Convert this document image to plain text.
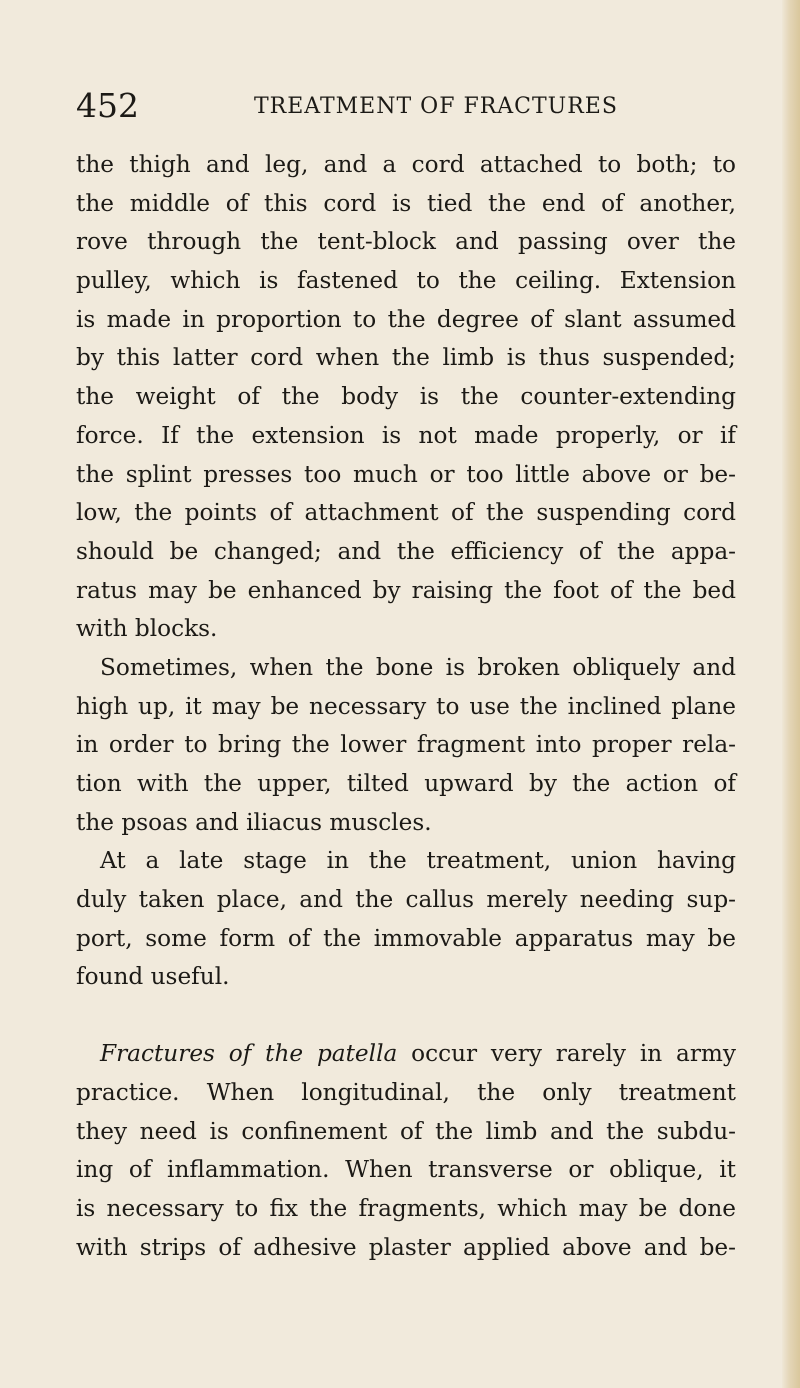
452	TREATMENT OF FRACTURES
the thigh and leg, and a cord attached to both; to
the middle of this cord is tied the end of another,
rove through the tent-block and passing over the
pulley, which is fastened to the ceiling. Extension
is made in proportion to the degree of slant assumed
by this latter cord when the limb is thus suspended;
the weight of the body is the counter-extending
force. If the extension is not made properly, or if
the splint presses too much or too little above or be-
low, the points of attachment of the suspending cord
should be changed; and the efficiency of the appa-
ratus may be enhanced by raising the foot of the bed
with blocks.
Sometimes, when the bone is broken obliquely and
high up, it may be necessary to use the inclined plane
in order to bring the lower fragment into proper rela-
tion with the upper, tilted upward by the action of
the psoas and iliacus muscles.
At a late stage in the treatment, union having
duly taken place, and the callus merely needing sup-
port, some form of the immovable apparatus may be
found useful.
Fractures of the patella occur very rarely in army
practice. When longitudinal, the only treatment
they need is confinement of the limb and the subdu-
ing of inflammation. When transverse or oblique, it
is necessary to fix the fragments, which may be done
with strips of adhesive plaster applied above and be-
